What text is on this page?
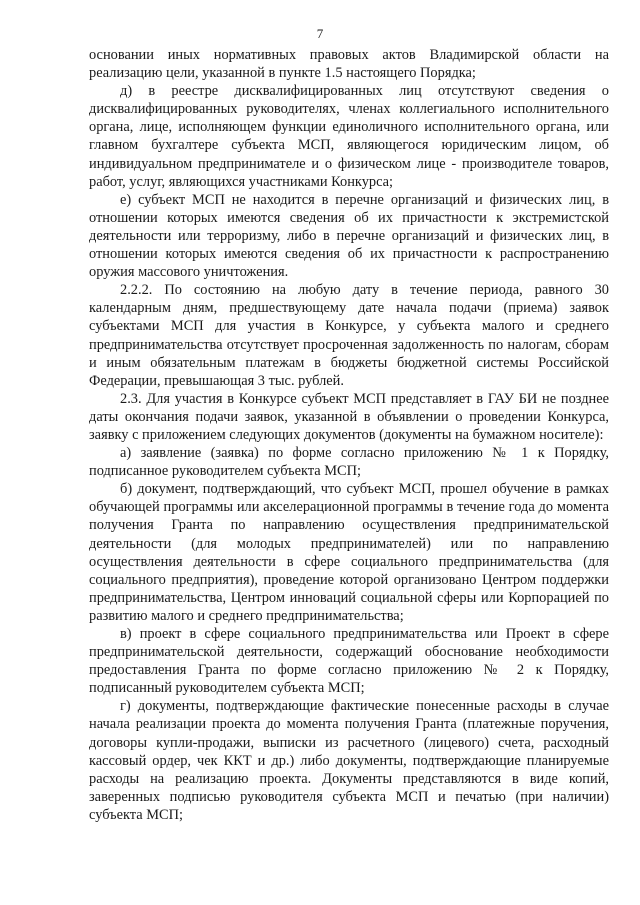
7

основании иных нормативных правовых актов Владимирской области на реализацию цели, указанной в пункте 1.5 настоящего Порядка;

д) в реестре дисквалифицированных лиц отсутствуют сведения о дисквалифицированных руководителях, членах коллегиального исполнительного органа, лице, исполняющем функции единоличного исполнительного органа, или главном бухгалтере субъекта МСП, являющегося юридическим лицом, об индивидуальном предпринимателе и о физическом лице - производителе товаров, работ, услуг, являющихся участниками Конкурса;

е) субъект МСП не находится в перечне организаций и физических лиц, в отношении которых имеются сведения об их причастности к экстремистской деятельности или терроризму, либо в перечне организаций и физических лиц, в отношении которых имеются сведения об их причастности к распространению оружия массового уничтожения.

2.2.2. По состоянию на любую дату в течение периода, равного 30 календарным дням, предшествующему дате начала подачи (приема) заявок субъектами МСП для участия в Конкурсе, у субъекта малого и среднего предпринимательства отсутствует просроченная задолженность по налогам, сборам и иным обязательным платежам в бюджеты бюджетной системы Российской Федерации, превышающая 3 тыс. рублей.

2.3. Для участия в Конкурсе субъект МСП представляет в ГАУ БИ не позднее даты окончания подачи заявок, указанной в объявлении о проведении Конкурса, заявку с приложением следующих документов (документы на бумажном носителе):

а) заявление (заявка) по форме согласно приложению № 1 к Порядку, подписанное руководителем субъекта МСП;

б) документ, подтверждающий, что субъект МСП, прошел обучение в рамках обучающей программы или акселерационной программы в течение года до момента получения Гранта по направлению осуществления предпринимательской деятельности (для молодых предпринимателей) или по направлению осуществления деятельности в сфере социального предпринимательства (для социального предприятия), проведение которой организовано Центром поддержки предпринимательства, Центром инноваций социальной сферы или Корпорацией по развитию малого и среднего предпринимательства;

в) проект в сфере социального предпринимательства или Проект в сфере предпринимательской деятельности, содержащий обоснование необходимости предоставления Гранта по форме согласно приложению № 2 к Порядку, подписанный руководителем субъекта МСП;

г) документы, подтверждающие фактические понесенные расходы в случае начала реализации проекта до момента получения Гранта (платежные поручения, договоры купли-продажи, выписки из расчетного (лицевого) счета, расходный кассовый ордер, чек ККТ и др.) либо документы, подтверждающие планируемые расходы на реализацию проекта. Документы представляются в виде копий, заверенных подписью руководителя субъекта МСП и печатью (при наличии) субъекта МСП;
